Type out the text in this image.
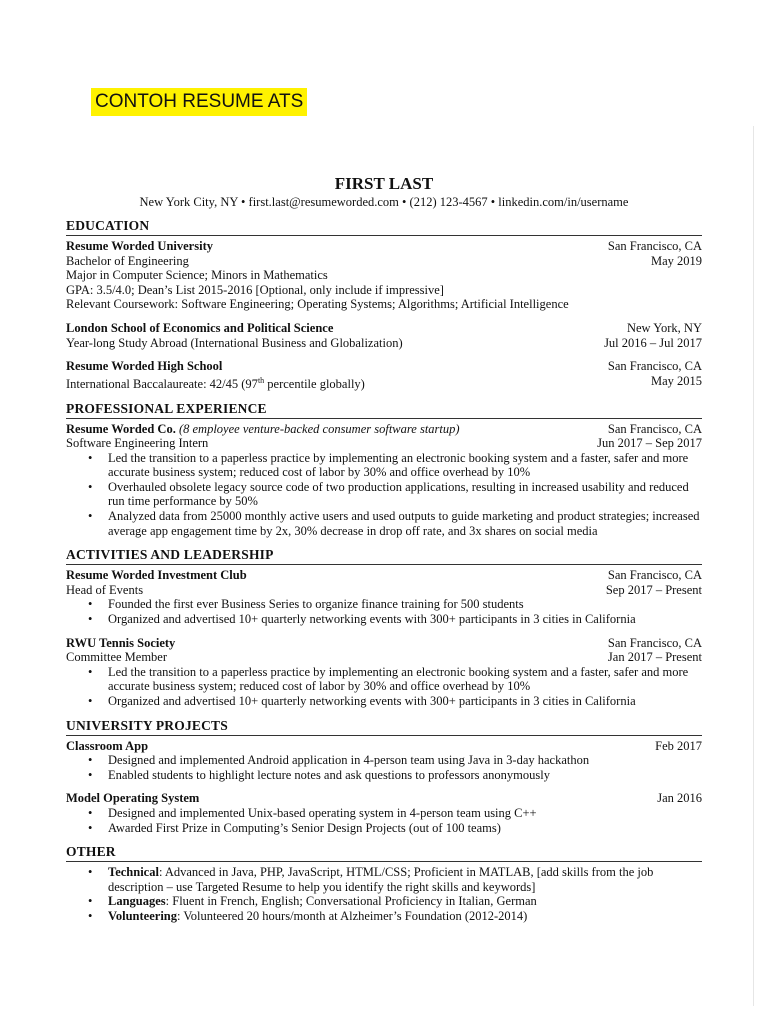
CONTOH RESUME ATS
FIRST LAST
New York City, NY • first.last@resumeworded.com • (212) 123-4567 • linkedin.com/in/username
EDUCATION
Resume Worded University	San Francisco, CA
Bachelor of Engineering	May 2019
Major in Computer Science; Minors in Mathematics
GPA: 3.5/4.0; Dean’s List 2015-2016 [Optional, only include if impressive]
Relevant Coursework: Software Engineering; Operating Systems; Algorithms; Artificial Intelligence
London School of Economics and Political Science	New York, NY
Year-long Study Abroad (International Business and Globalization)	Jul 2016 – Jul 2017
Resume Worded High School	San Francisco, CA
International Baccalaureate: 42/45 (97th percentile globally)	May 2015
PROFESSIONAL EXPERIENCE
Resume Worded Co. (8 employee venture-backed consumer software startup)	San Francisco, CA
Software Engineering Intern	Jun 2017 – Sep 2017
• Led the transition to a paperless practice by implementing an electronic booking system and a faster, safer and more accurate business system; reduced cost of labor by 30% and office overhead by 10%
• Overhauled obsolete legacy source code of two production applications, resulting in increased usability and reduced run time performance by 50%
• Analyzed data from 25000 monthly active users and used outputs to guide marketing and product strategies; increased average app engagement time by 2x, 30% decrease in drop off rate, and 3x shares on social media
ACTIVITIES AND LEADERSHIP
Resume Worded Investment Club	San Francisco, CA
Head of Events	Sep 2017 – Present
• Founded the first ever Business Series to organize finance training for 500 students
• Organized and advertised 10+ quarterly networking events with 300+ participants in 3 cities in California
RWU Tennis Society	San Francisco, CA
Committee Member	Jan 2017 – Present
• Led the transition to a paperless practice by implementing an electronic booking system and a faster, safer and more accurate business system; reduced cost of labor by 30% and office overhead by 10%
• Organized and advertised 10+ quarterly networking events with 300+ participants in 3 cities in California
UNIVERSITY PROJECTS
Classroom App	Feb 2017
• Designed and implemented Android application in 4-person team using Java in 3-day hackathon
• Enabled students to highlight lecture notes and ask questions to professors anonymously
Model Operating System	Jan 2016
• Designed and implemented Unix-based operating system in 4-person team using C++
• Awarded First Prize in Computing’s Senior Design Projects (out of 100 teams)
OTHER
• Technical: Advanced in Java, PHP, JavaScript, HTML/CSS; Proficient in MATLAB, [add skills from the job description – use Targeted Resume to help you identify the right skills and keywords]
• Languages: Fluent in French, English; Conversational Proficiency in Italian, German
• Volunteering: Volunteered 20 hours/month at Alzheimer’s Foundation (2012-2014)
